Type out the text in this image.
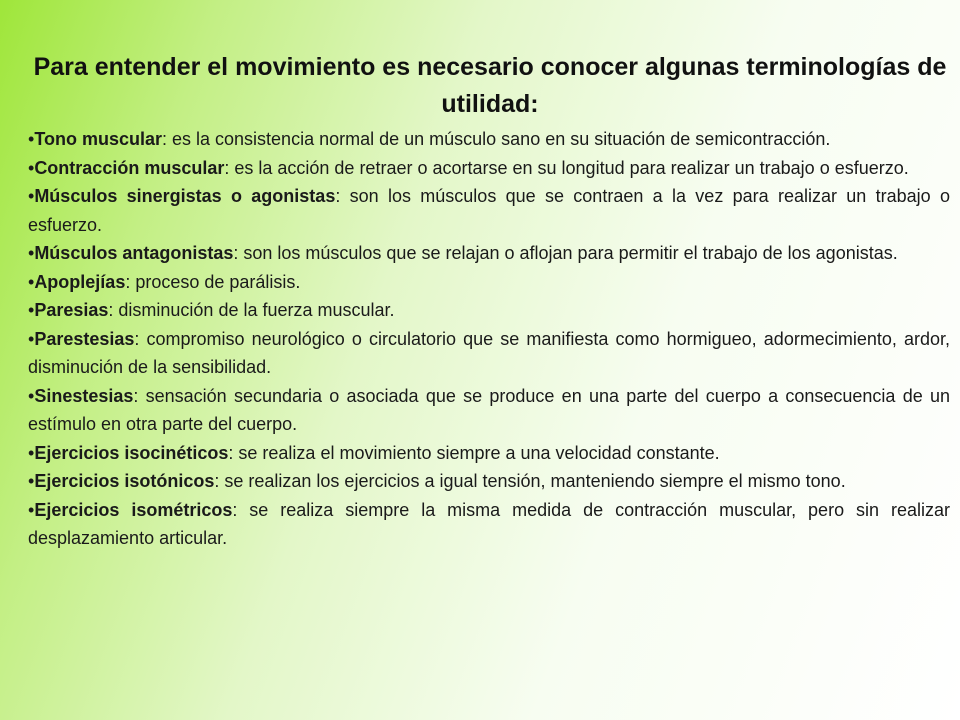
Para entender el movimiento es necesario conocer algunas terminologías de utilidad:
•Tono muscular: es la consistencia normal de un músculo sano en su situación de semicontracción.
•Contracción muscular: es la acción de retraer o acortarse en su longitud para realizar un trabajo o esfuerzo.
•Músculos sinergistas o agonistas: son los músculos que se contraen a la vez para realizar un trabajo o esfuerzo.
•Músculos antagonistas: son los músculos que se relajan o aflojan para permitir el trabajo de los agonistas.
•Apoplejías: proceso de parálisis.
•Paresias: disminución de la fuerza muscular.
•Parestesias: compromiso neurológico o circulatorio que se manifiesta como hormigueo, adormecimiento, ardor, disminución de la sensibilidad.
•Sinestesias: sensación secundaria o asociada que se produce en una parte del cuerpo a consecuencia de un estímulo en otra parte del cuerpo.
•Ejercicios isocinéticos: se realiza el movimiento siempre a una velocidad constante.
•Ejercicios isotónicos: se realizan los ejercicios a igual tensión, manteniendo siempre el mismo tono.
•Ejercicios isométricos: se realiza siempre la misma medida de contracción muscular, pero sin realizar desplazamiento articular.
